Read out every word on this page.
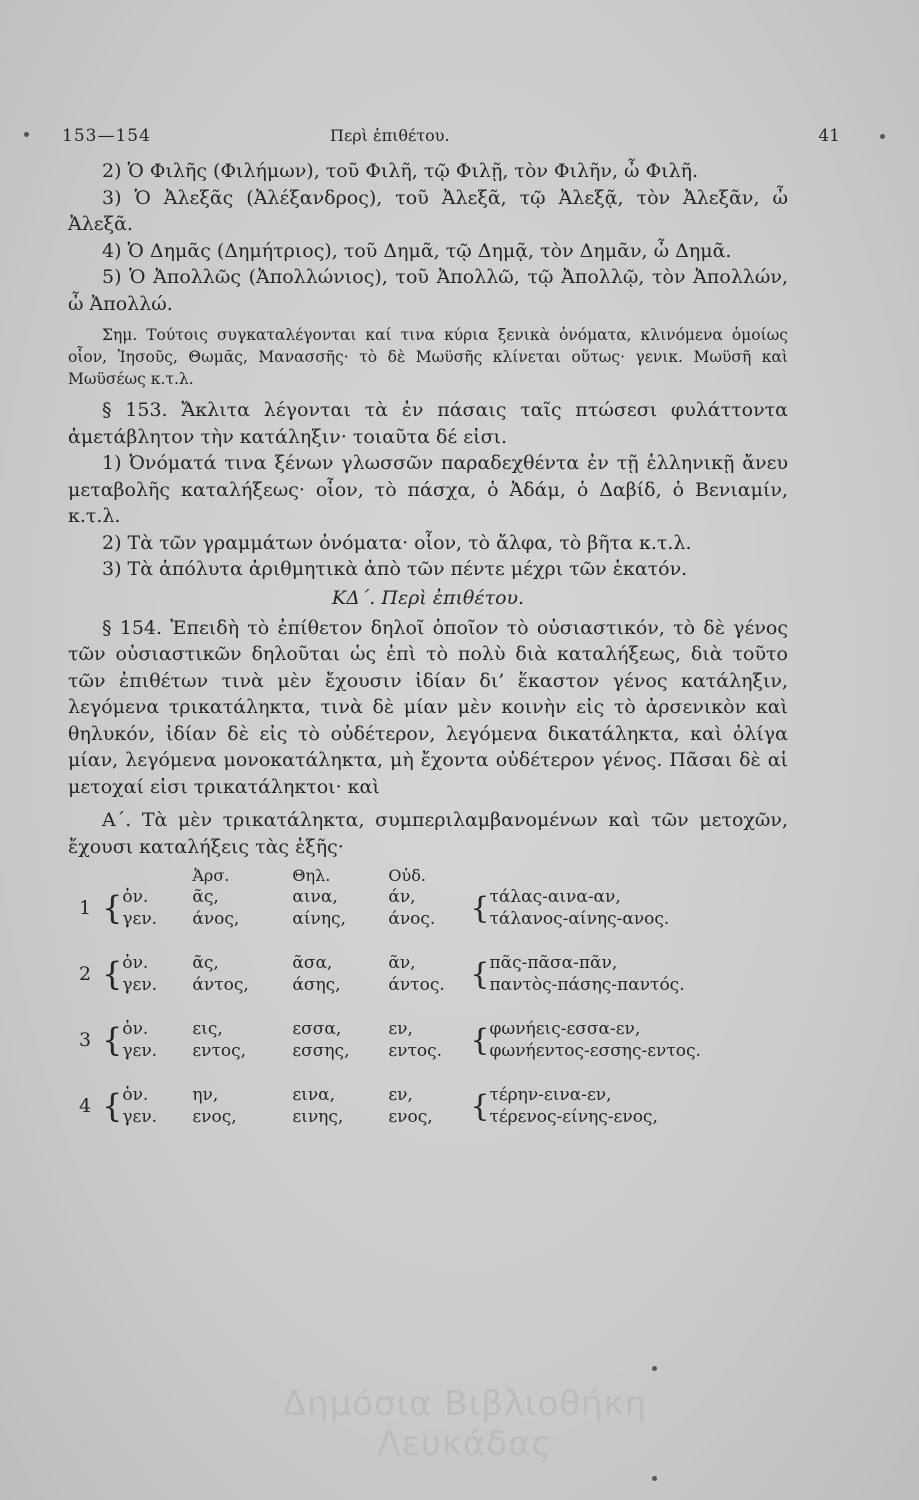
153—154	Περὶ ἐπιθέτου.	41

2) Ὁ Φιλῆς (Φιλήμων), τοῦ Φιλῆ, τῷ Φιλῇ, τὸν Φιλῆν, ὦ Φιλῆ.

3) Ὁ Ἀλεξᾶς (Ἀλέξανδρος), τοῦ Ἀλεξᾶ, τῷ Ἀλεξᾷ, τὸν Ἀλεξᾶν, ὦ Ἀλεξᾶ.

4) Ὁ Δημᾶς (Δημήτριος), τοῦ Δημᾶ, τῷ Δημᾷ, τὸν Δημᾶν, ὦ Δημᾶ.

5) Ὁ Ἀπολλῶς (Ἀπολλώνιος), τοῦ Ἀπολλῶ, τῷ Ἀπολλῷ, τὸν Ἀπολλών, ὦ Ἀπολλώ.

Σημ. Τούτοις συγκαταλέγονται καί τινα κύρια ξενικὰ ὀνόματα, κλινόμενα ὁμοίως οἷον, Ἰησοῦς, Θωμᾶς, Μανασσῆς· τὸ δὲ Μωϋσῆς κλίνεται οὕτως· γενικ. Μωϋσῆ καὶ Μωϋσέως κ.τ.λ.

§ 153. Ἄκλιτα λέγονται τὰ ἐν πάσαις ταῖς πτώσεσι φυλάττοντα ἀμετάβλητον τὴν κατάληξιν· τοιαῦτα δέ εἰσι.

1) Ὀνόματά τινα ξένων γλωσσῶν παραδεχθέντα ἐν τῇ ἑλληνικῇ ἄνευ μεταβολῆς καταλήξεως· οἷον, τὸ πάσχα, ὁ Ἀδάμ, ὁ Δαβίδ, ὁ Βενιαμίν, κ.τ.λ.

2) Τὰ τῶν γραμμάτων ὀνόματα· οἷον, τὸ ἄλφα, τὸ βῆτα κ.τ.λ.

3) Τὰ ἀπόλυτα ἀριθμητικὰ ἀπὸ τῶν πέντε μέχρι τῶν ἑκατόν.

ΚΔ΄. Περὶ ἐπιθέτου.

§ 154. Ἐπειδὴ τὸ ἐπίθετον δηλοῖ ὁποῖον τὸ οὐσιαστικόν, τὸ δὲ γένος τῶν οὐσιαστικῶν δηλοῦται ὡς ἐπὶ τὸ πολὺ διὰ καταλήξεως, διὰ τοῦτο τῶν ἐπιθέτων τινὰ μὲν ἔχουσιν ἰδίαν δι’ ἕκαστον γένος κατάληξιν, λεγόμενα τρικατάληκτα, τινὰ δὲ μίαν μὲν κοινὴν εἰς τὸ ἀρσενικὸν καὶ θηλυκόν, ἰδίαν δὲ εἰς τὸ οὐδέτερον, λεγόμενα δικατάληκτα, καὶ ὀλίγα μίαν, λεγόμενα μονοκατάληκτα, μὴ ἔχοντα οὐδέτερον γένος. Πᾶσαι δὲ αἱ μετοχαί εἰσι τρικατάληκτοι· καὶ

Α΄. Τὰ μὲν τρικατάληκτα, συμπεριλαμβανομένων καὶ τῶν μετοχῶν, ἔχουσι καταλήξεις τὰς ἑξῆς·

			Ἀρσ.	Θηλ.	Οὐδ.		
1	{	ὀν.	ᾶς,	αινα,	άν,	{	τάλας-αινα-αν,
		γεν.	άνος,	αίνης,	άνος.		τάλανος-αίνης-ανος.

2	{	ὀν.	ᾶς,	ᾶσα,	ᾶν,	{	πᾶς-πᾶσα-πᾶν,
		γεν.	άντος,	άσης,	άντος.		παντὸς-πάσης-παντός.

3	{	ὀν.	εις,	εσσα,	εν,	{	φωνήεις-εσσα-εν,
		γεν.	εντος,	εσσης,	εντος.		φωνήεντος-εσσης-εντος.

4	{	ὀν.	ην,	εινα,	εν,	{	τέρην-εινα-εν,
		γεν.	ενος,	εινης,	ενος,		τέρενος-είνης-ενος,
Δημόσια Βιβλιοθήκη Λευκάδας
